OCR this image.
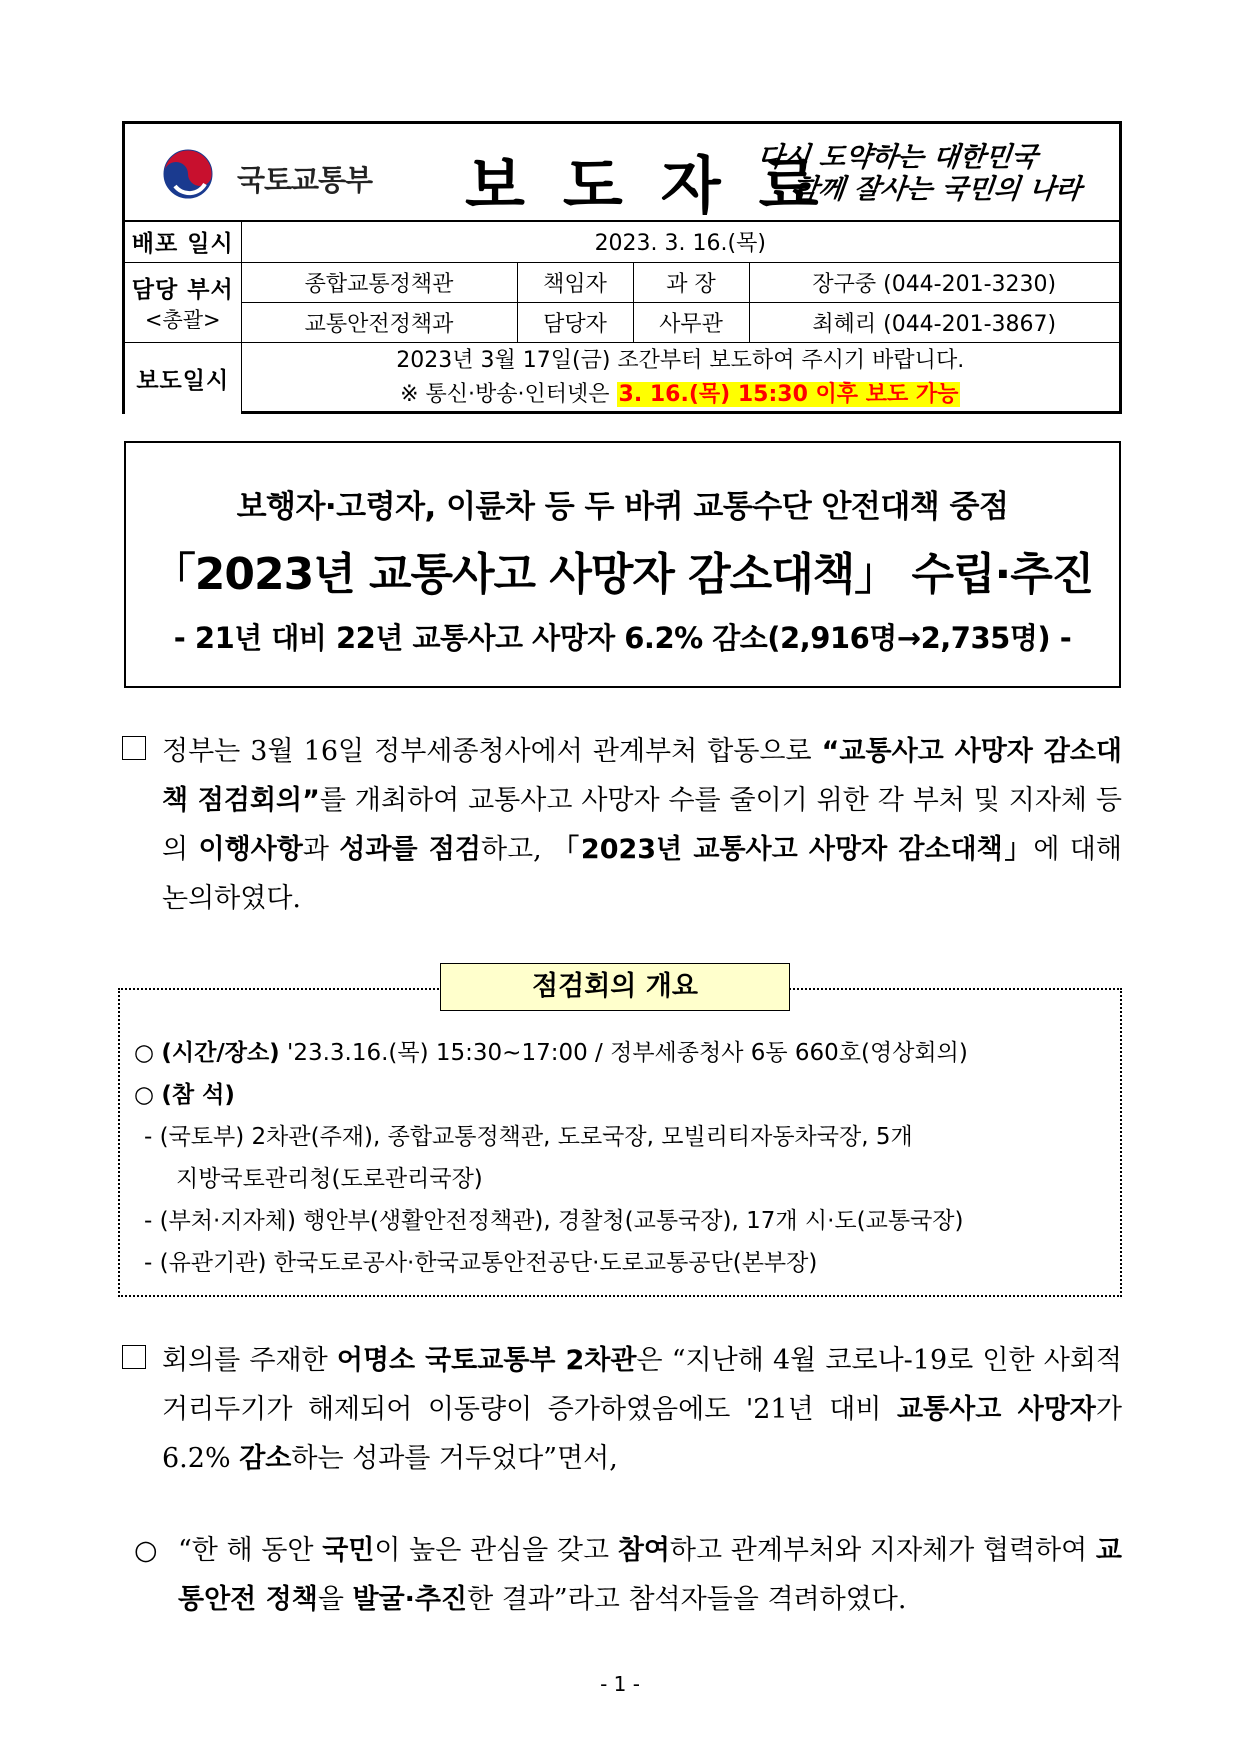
국토교통부 보도자료
다시 도약하는 대한민국
함께 잘사는 국민의 나라
배포 일시	2023. 3. 16.(목)			
담당 부서
<총괄>	종합교통정책관	책임자	과 장	장구중 (044-201-3230)
	교통안전정책과	담당자	사무관	최혜리 (044-201-3867)
보도일시	2023년 3월 17일(금) 조간부터 보도하여 주시기 바랍니다.
※ 통신·방송·인터넷은 3. 16.(목) 15:30 이후 보도 가능			
보행자·고령자, 이륜차 등 두 바퀴 교통수단 안전대책 중점
「2023년 교통사고 사망자 감소대책」 수립·추진
- 21년 대비 22년 교통사고 사망자 6.2% 감소(2,916명→2,735명) -
정부는 3월 16일 정부세종청사에서 관계부처 합동으로 “교통사고 사망자 감소대책 점검회의”를 개최하여 교통사고 사망자 수를 줄이기 위한 각 부처 및 지자체 등의 이행사항과 성과를 점검하고, 「2023년 교통사고 사망자 감소대책」에 대해 논의하였다.
점검회의 개요
○ (시간/장소) '23.3.16.(목) 15:30∼17:00 / 정부세종청사 6동 660호(영상회의)
○ (참 석)
- (국토부) 2차관(주재), 종합교통정책관, 도로국장, 모빌리티자동차국장, 5개
지방국토관리청(도로관리국장)
- (부처·지자체) 행안부(생활안전정책관), 경찰청(교통국장), 17개 시·도(교통국장)
- (유관기관) 한국도로공사·한국교통안전공단·도로교통공단(본부장)
회의를 주재한 어명소 국토교통부 2차관은 “지난해 4월 코로나-19로 인한 사회적 거리두기가 해제되어 이동량이 증가하였음에도 '21년 대비 교통사고 사망자가 6.2% 감소하는 성과를 거두었다”면서,
○ “한 해 동안 국민이 높은 관심을 갖고 참여하고 관계부처와 지자체가 협력하여 교통안전 정책을 발굴·추진한 결과”라고 참석자들을 격려하였다.
- 1 -
